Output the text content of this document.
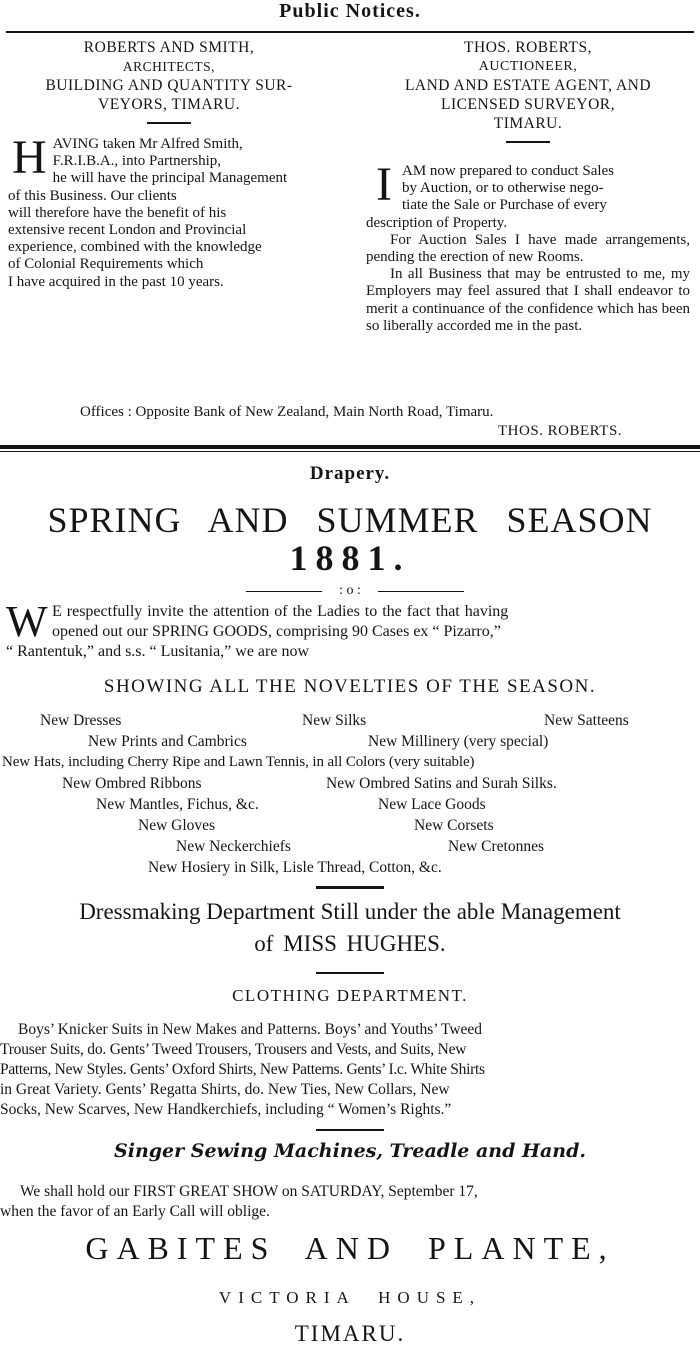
Public Notices.
ROBERTS AND SMITH,
ARCHITECTS,
BUILDING AND QUANTITY SUR-
VEYORS, TIMARU.
H AVING taken Mr Alfred Smith,
F.R.I.B.A., into Partnership,
he will have the principal Management
of this Business. Our clients
will therefore have the benefit of his
extensive recent London and Provincial
experience, combined with the knowledge
of Colonial Requirements which
I have acquired in the past 10 years.
THOS. ROBERTS,
AUCTIONEER,
LAND AND ESTATE AGENT, AND
LICENSED SURVEYOR,
TIMARU.
I AM now prepared to conduct Sales
by Auction, or to otherwise nego-
tiate the Sale or Purchase of every
description of Property.
For Auction Sales I have made arrangements, pending the erection of new Rooms.
In all Business that may be entrusted to me, my Employers may feel assured that I shall endeavor to merit a continuance of the confidence which has been so liberally accorded me in the past.
Offices : Opposite Bank of New Zealand, Main North Road, Timaru.
THOS. ROBERTS.
Drapery.
SPRING AND SUMMER SEASON
1881.
: o :
W E respectfully invite the attention of the Ladies to the fact that having
opened out our SPRING GOODS, comprising 90 Cases ex “ Pizarro,”
“ Rantentuk,” and s.s. “ Lusitania,” we are now
SHOWING ALL THE NOVELTIES OF THE SEASON.
New Dresses	New Silks	New Satteens
New Prints and Cambrics	New Millinery (very special)
New Hats, including Cherry Ripe and Lawn Tennis, in all Colors (very suitable)
New Ombred Ribbons	New Ombred Satins and Surah Silks.
New Mantles, Fichus, &c.	New Lace Goods
New Gloves	New Corsets
New Neckerchiefs	New Cretonnes
New Hosiery in Silk, Lisle Thread, Cotton, &c.
Dressmaking Department Still under the able Management
of MISS HUGHES.
CLOTHING DEPARTMENT.
Boys’ Knicker Suits in New Makes and Patterns. Boys’ and Youths’ Tweed
Trouser Suits, do. Gents’ Tweed Trousers, Trousers and Vests, and Suits, New
Patterns, New Styles. Gents’ Oxford Shirts, New Patterns. Gents’ I.c. White Shirts
in Great Variety. Gents’ Regatta Shirts, do. New Ties, New Collars, New
Socks, New Scarves, New Handkerchiefs, including “ Women’s Rights.”
Singer Sewing Machines, Treadle and Hand.
We shall hold our FIRST GREAT SHOW on SATURDAY, September 17,
when the favor of an Early Call will oblige.
GABITES AND PLANTE,
VICTORIA HOUSE,
TIMARU.
